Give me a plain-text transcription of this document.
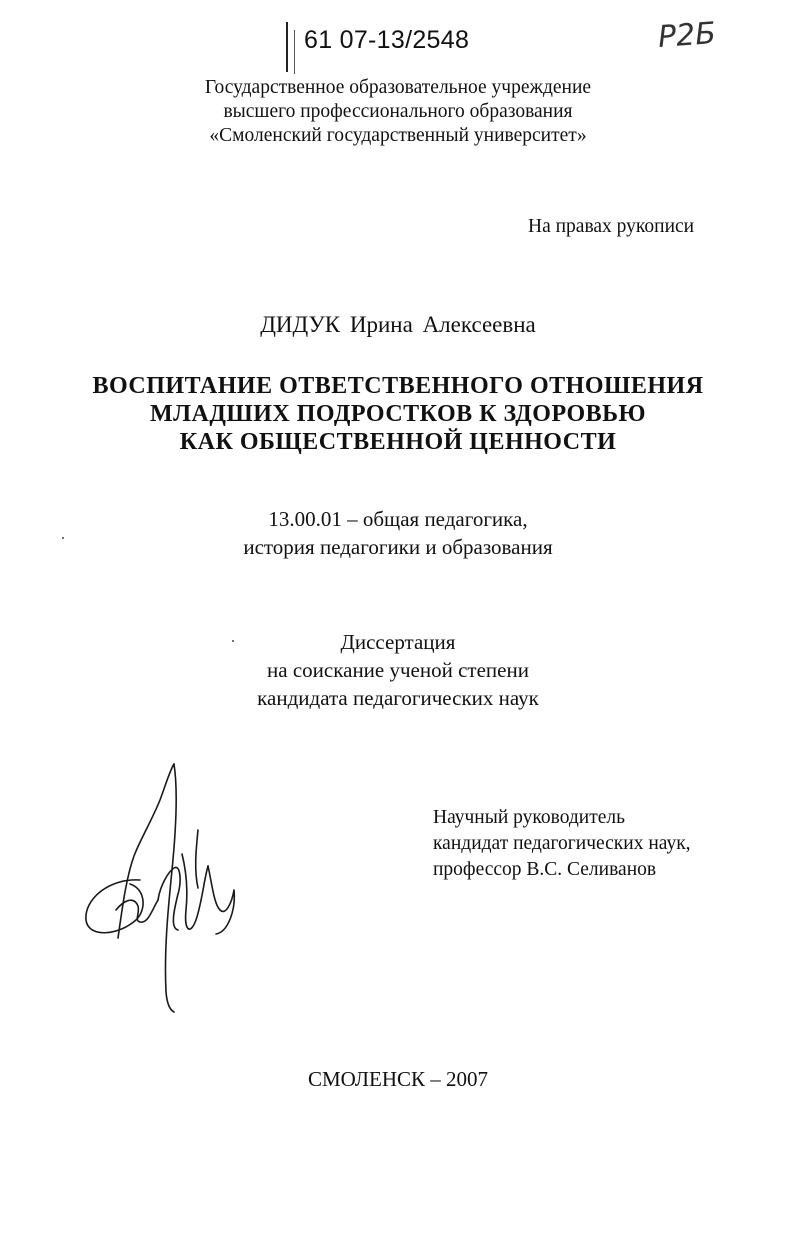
61 07-13/2548	Р2Б
Государственное образовательное учреждение
высшего профессионального образования
«Смоленский государственный университет»
На правах рукописи
ДИДУК Ирина Алексеевна
ВОСПИТАНИЕ ОТВЕТСТВЕННОГО ОТНОШЕНИЯ
МЛАДШИХ ПОДРОСТКОВ К ЗДОРОВЬЮ
КАК ОБЩЕСТВЕННОЙ ЦЕННОСТИ
13.00.01 – общая педагогика,
история педагогики и образования
Диссертация
на соискание ученой степени
кандидата педагогических наук
Научный руководитель
кандидат педагогических наук,
профессор В.С. Селиванов
СМОЛЕНСК – 2007
